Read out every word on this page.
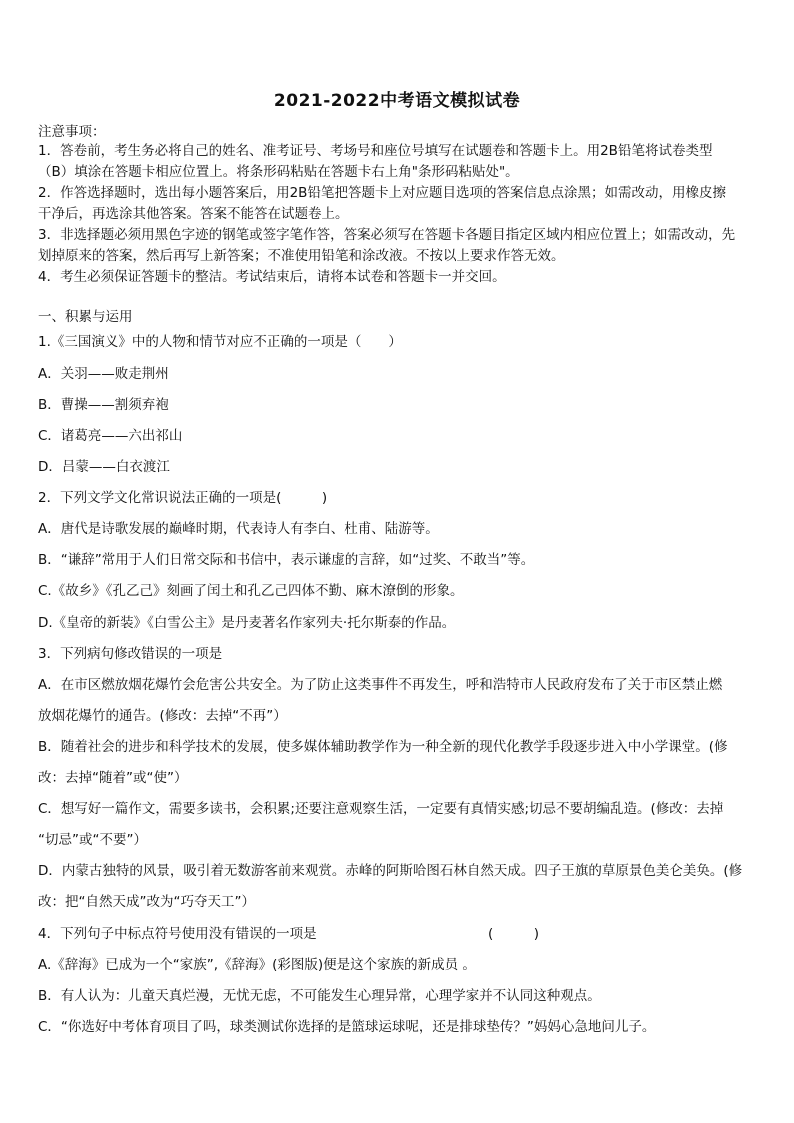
2021-2022中考语文模拟试卷
注意事项：
1．答卷前，考生务必将自己的姓名、准考证号、考场号和座位号填写在试题卷和答题卡上。用2B铅笔将试卷类型
（B）填涂在答题卡相应位置上。将条形码粘贴在答题卡右上角"条形码粘贴处"。
2．作答选择题时，选出每小题答案后，用2B铅笔把答题卡上对应题目选项的答案信息点涂黑；如需改动，用橡皮擦
干净后，再选涂其他答案。答案不能答在试题卷上。
3．非选择题必须用黑色字迹的钢笔或签字笔作答，答案必须写在答题卡各题目指定区域内相应位置上；如需改动，先
划掉原来的答案，然后再写上新答案；不准使用铅笔和涂改液。不按以上要求作答无效。
4．考生必须保证答题卡的整洁。考试结束后，请将本试卷和答题卡一并交回。
一、积累与运用
1.《三国演义》中的人物和情节对应不正确的一项是（　　）
A．关羽——败走荆州
B．曹操——割须弃袍
C．诸葛亮——六出祁山
D．吕蒙——白衣渡江
2．下列文学文化常识说法正确的一项是(　　　)
A．唐代是诗歌发展的巅峰时期，代表诗人有李白、杜甫、陆游等。
B．“谦辞”常用于人们日常交际和书信中，表示谦虚的言辞，如“过奖、不敢当”等。
C.《故乡》《孔乙己》刻画了闰土和孔乙己四体不勤、麻木潦倒的形象。
D.《皇帝的新装》《白雪公主》是丹麦著名作家列夫·托尔斯泰的作品。
3．下列病句修改错误的一项是
A．在市区燃放烟花爆竹会危害公共安全。为了防止这类事件不再发生，呼和浩特市人民政府发布了关于市区禁止燃
放烟花爆竹的通告。(修改：去掉“不再”）
B．随着社会的进步和科学技术的发展，使多媒体辅助教学作为一种全新的现代化教学手段逐步进入中小学课堂。(修
改：去掉“随着”或“使”）
C．想写好一篇作文，需要多读书，会积累;还要注意观察生活，一定要有真情实感;切忌不要胡编乱造。(修改：去掉
“切忌”或“不要”）
D．内蒙古独特的风景，吸引着无数游客前来观赏。赤峰的阿斯哈图石林自然天成。四子王旗的草原景色美仑美奂。(修
改：把“自然天成”改为“巧夺天工”）
4．下列句子中标点符号使用没有错误的一项是	(　　　)
A.《辞海》已成为一个“家族”,《辞海》(彩图版)便是这个家族的新成员 。
B．有人认为：儿童天真烂漫，无忧无虑，不可能发生心理异常，心理学家并不认同这种观点。
C．“你选好中考体育项目了吗，球类测试你选择的是篮球运球呢，还是排球垫传？”妈妈心急地问儿子。
